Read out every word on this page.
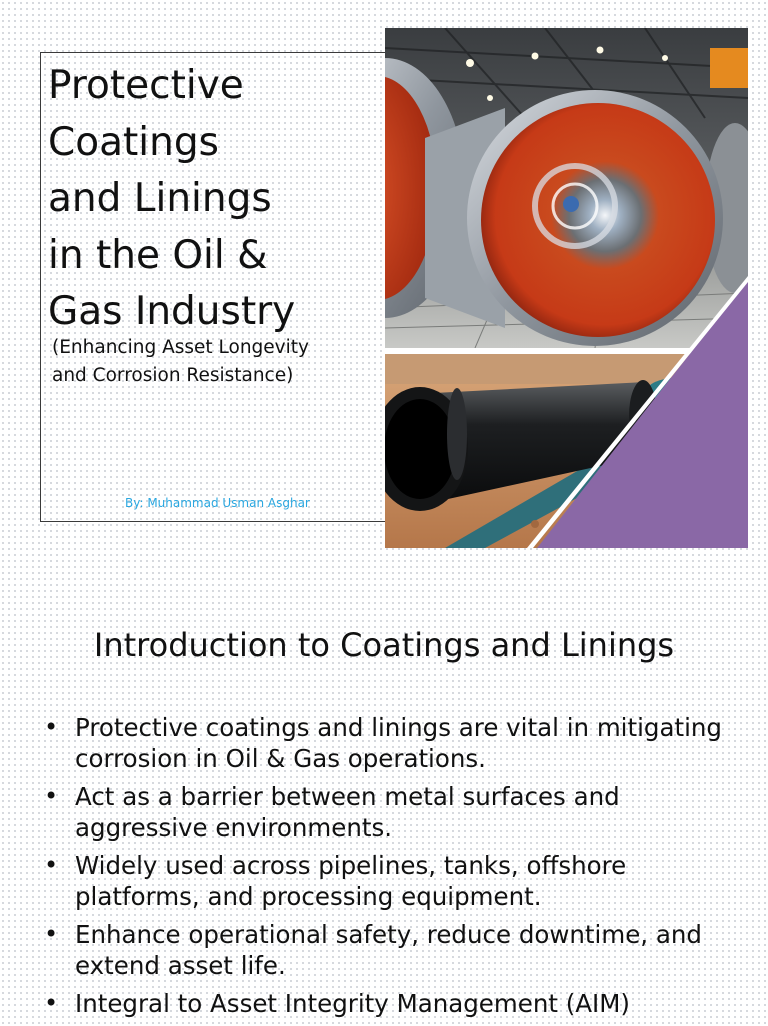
Protective
Coatings
and Linings
in the Oil &
Gas Industry
(Enhancing Asset Longevity
and Corrosion Resistance)
By: Muhammad Usman Asghar
Introduction to Coatings and Linings
• Protective coatings and linings are vital in mitigating corrosion in Oil & Gas operations.
• Act as a barrier between metal surfaces and aggressive environments.
• Widely used across pipelines, tanks, offshore platforms, and processing equipment.
• Enhance operational safety, reduce downtime, and extend asset life.
• Integral to Asset Integrity Management (AIM)
